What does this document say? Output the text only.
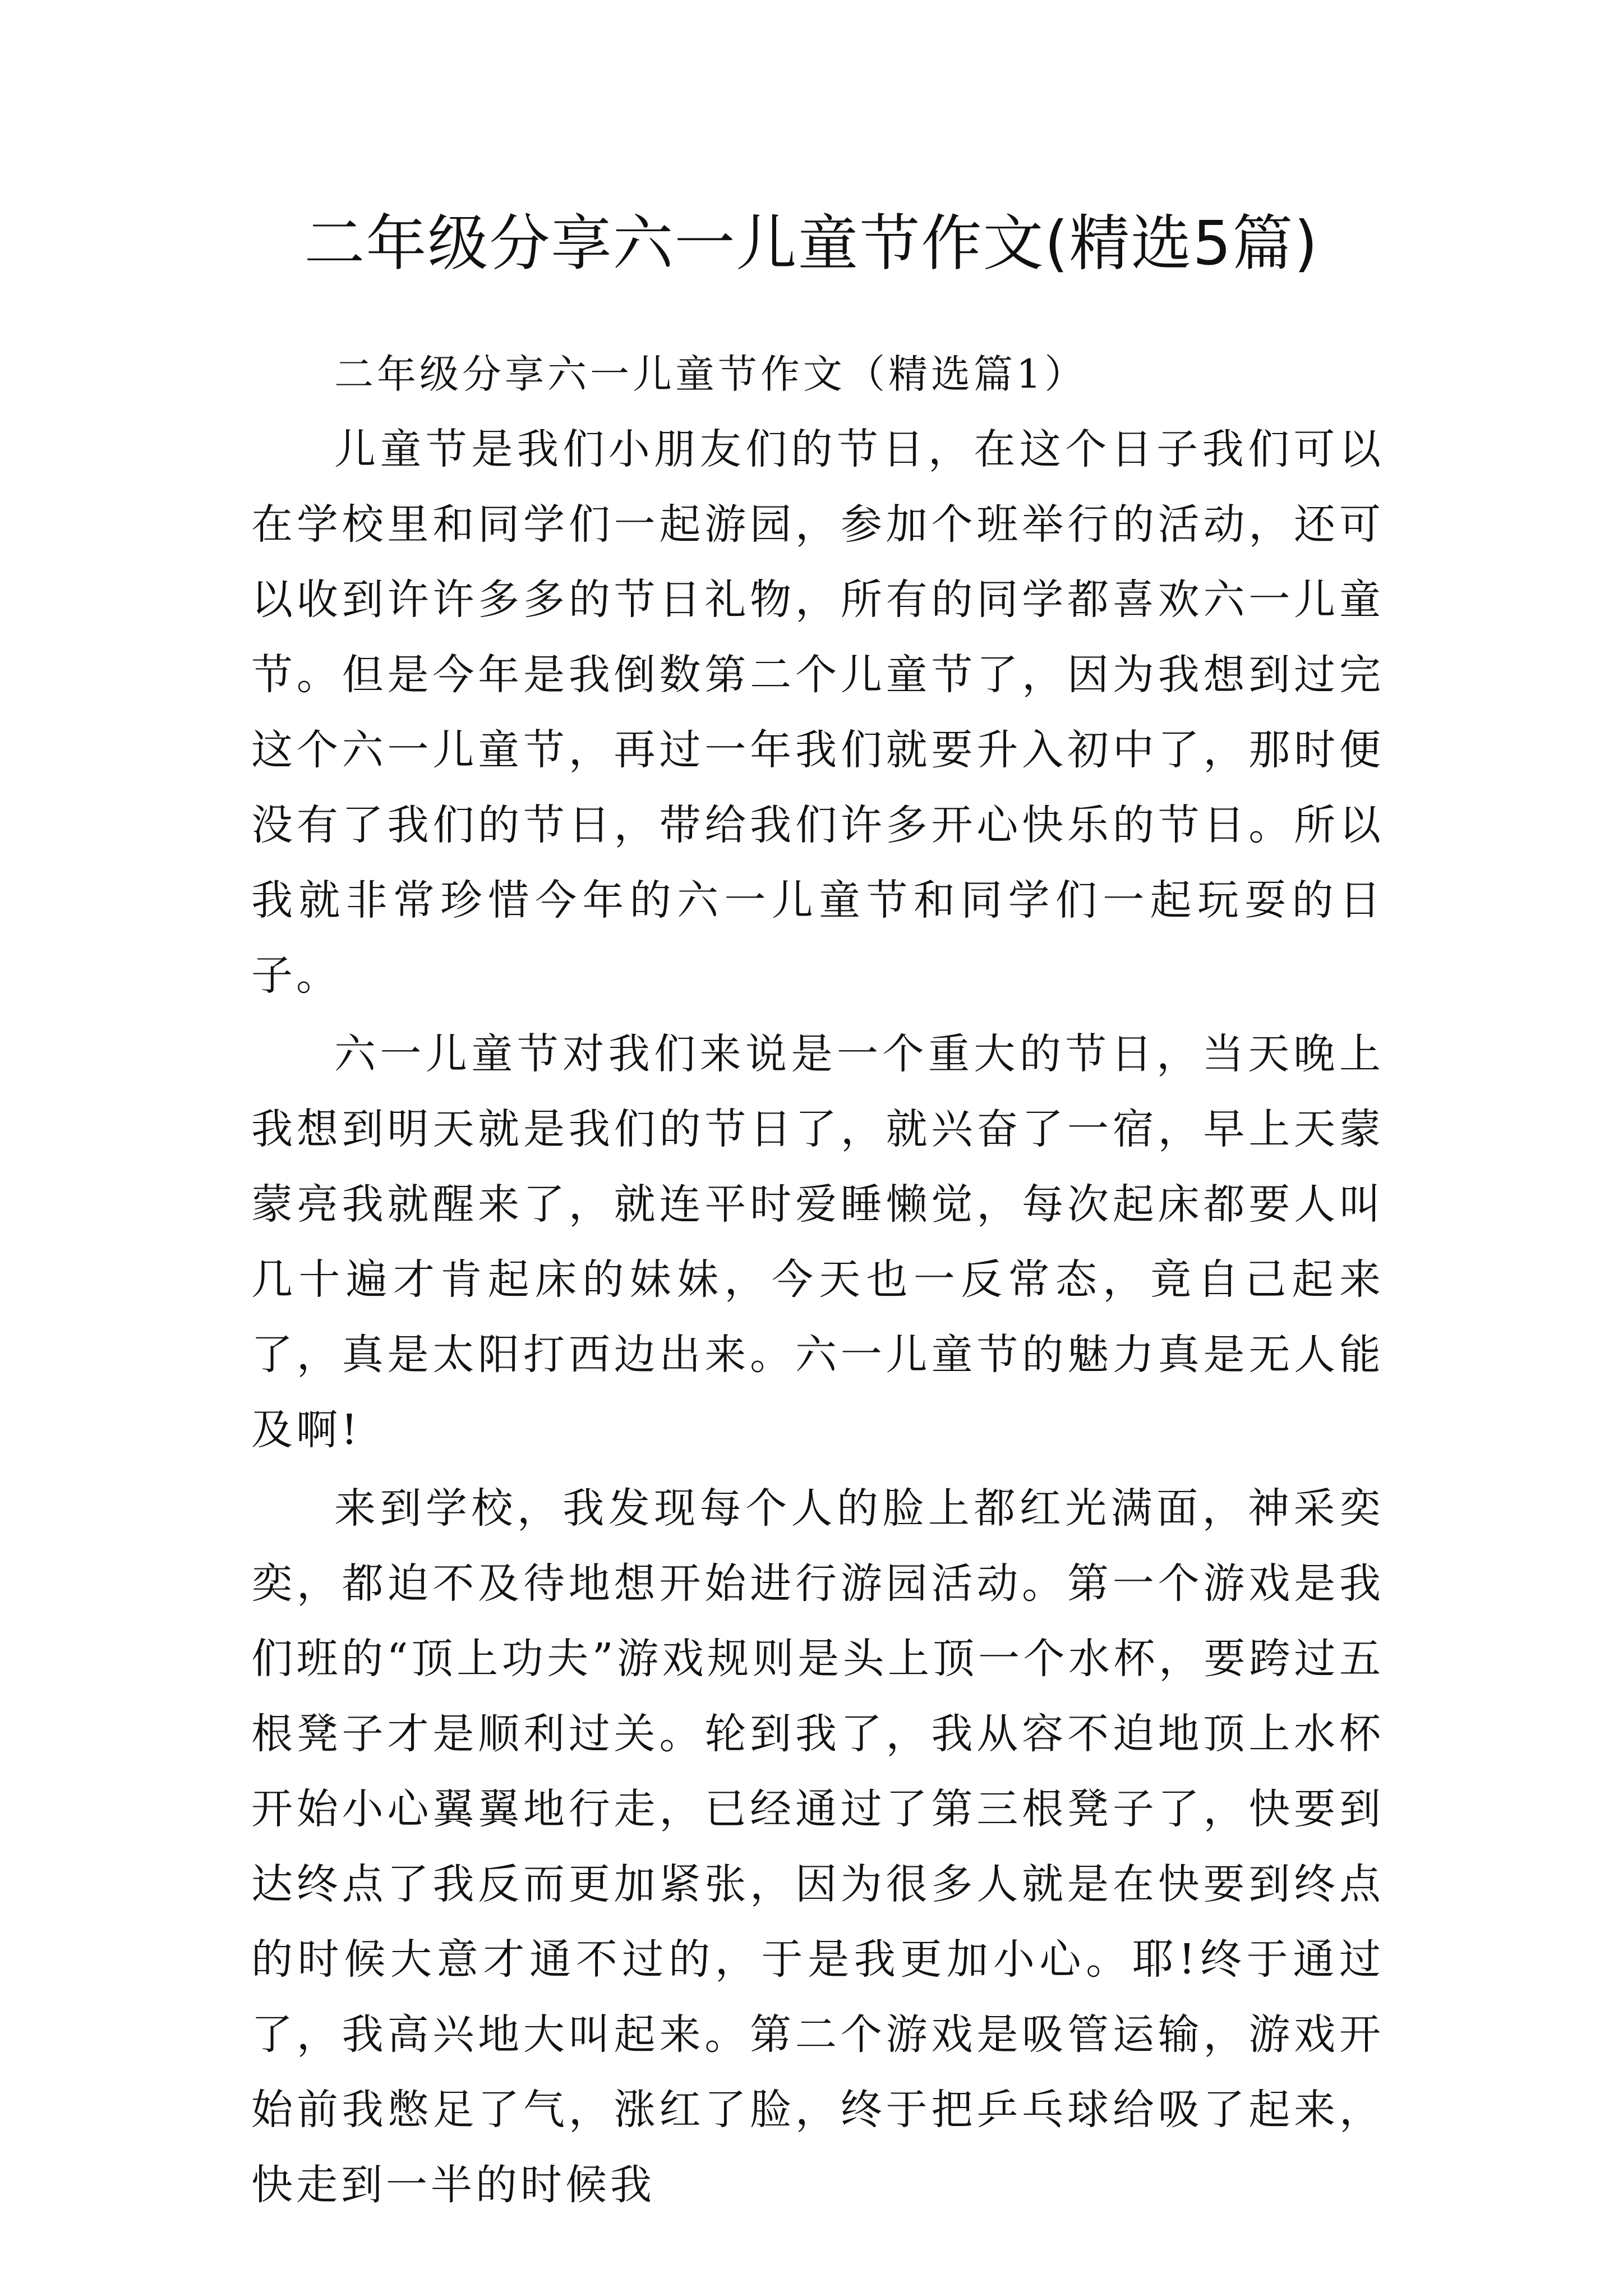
二年级分享六一儿童节作文(精选5篇)

二年级分享六一儿童节作文（精选篇1）

儿童节是我们小朋友们的节日，在这个日子我们可以在学校里和同学们一起游园，参加个班举行的活动，还可以收到许许多多的节日礼物，所有的同学都喜欢六一儿童节。但是今年是我倒数第二个儿童节了，因为我想到过完这个六一儿童节，再过一年我们就要升入初中了，那时便没有了我们的节日，带给我们许多开心快乐的节日。所以我就非常珍惜今年的六一儿童节和同学们一起玩耍的日子。

六一儿童节对我们来说是一个重大的节日，当天晚上我想到明天就是我们的节日了，就兴奋了一宿，早上天蒙蒙亮我就醒来了，就连平时爱睡懒觉，每次起床都要人叫几十遍才肯起床的妹妹，今天也一反常态，竟自己起来了，真是太阳打西边出来。六一儿童节的魅力真是无人能及啊!

来到学校，我发现每个人的脸上都红光满面，神采奕奕，都迫不及待地想开始进行游园活动。第一个游戏是我们班的“顶上功夫”游戏规则是头上顶一个水杯，要跨过五根凳子才是顺利过关。轮到我了，我从容不迫地顶上水杯开始小心翼翼地行走，已经通过了第三根凳子了，快要到达终点了我反而更加紧张，因为很多人就是在快要到终点的时候大意才通不过的，于是我更加小心。耶!终于通过了，我高兴地大叫起来。第二个游戏是吸管运输，游戏开始前我憋足了气，涨红了脸，终于把乒乓球给吸了起来，快走到一半的时候我
